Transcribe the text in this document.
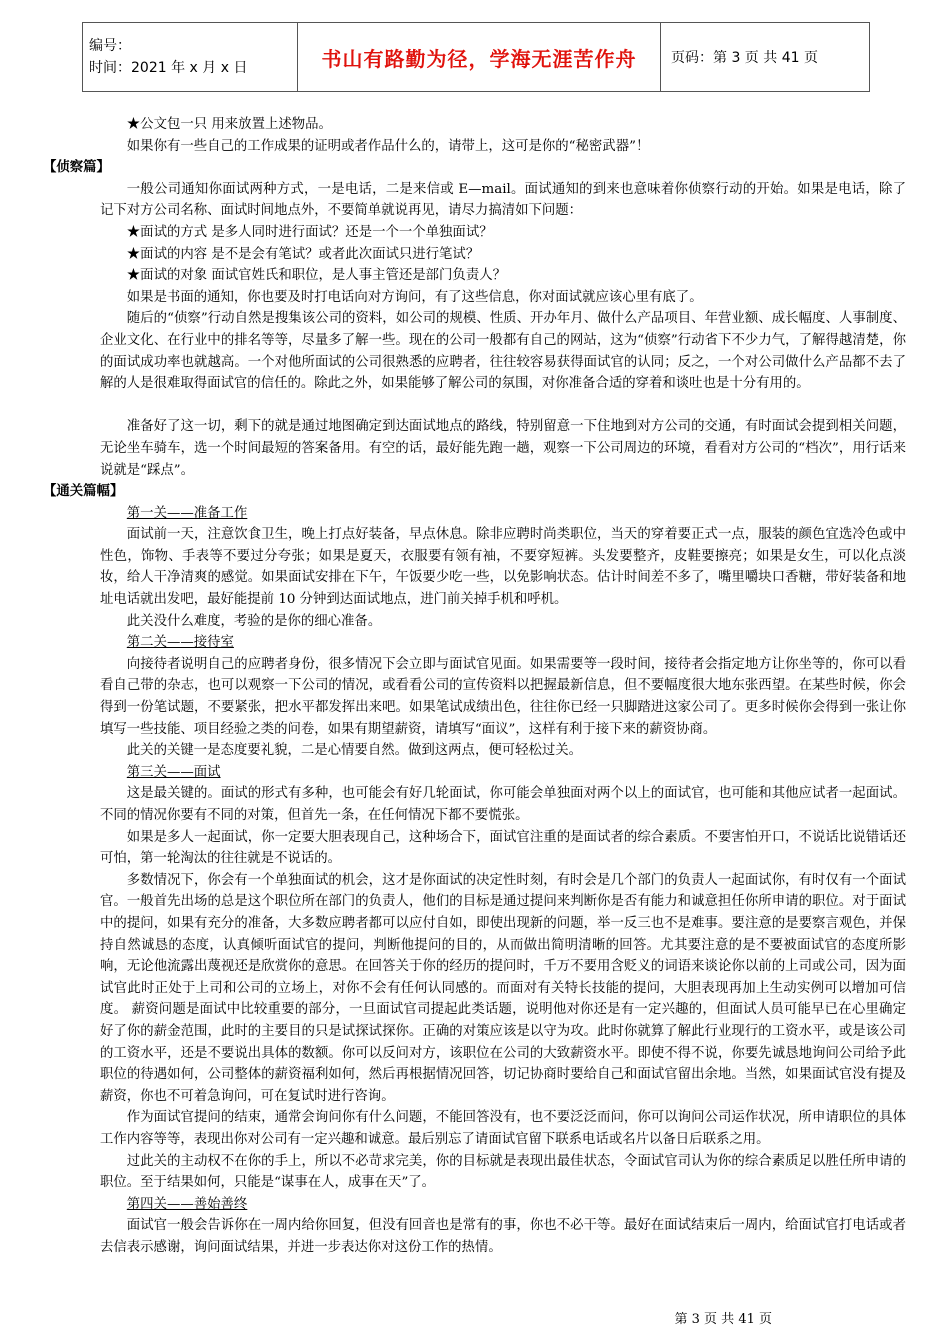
编号：
时间：2021 年 x 月 x 日	书山有路勤为径，学海无涯苦作舟	页码：第 3 页 共 41 页

★公文包一只 用来放置上述物品。

如果你有一些自己的工作成果的证明或者作品什么的，请带上，这可是你的“秘密武器”！

【侦察篇】

一般公司通知你面试两种方式，一是电话，二是来信或 E—mail。面试通知的到来也意味着你侦察行动的开始。如果是电话，除了记下对方公司名称、面试时间地点外，不要简单就说再见，请尽力搞清如下问题：

★面试的方式 是多人同时进行面试？还是一个一个单独面试？

★面试的内容 是不是会有笔试？或者此次面试只进行笔试？

★面试的对象 面试官姓氏和职位，是人事主管还是部门负责人？

如果是书面的通知，你也要及时打电话向对方询问，有了这些信息，你对面试就应该心里有底了。

随后的“侦察”行动自然是搜集该公司的资料，如公司的规模、性质、开办年月、做什么产品项目、年营业额、成长幅度、人事制度、企业文化、在行业中的排名等等，尽量多了解一些。现在的公司一般都有自己的网站，这为“侦察”行动省下不少力气，了解得越清楚，你的面试成功率也就越高。一个对他所面试的公司很熟悉的应聘者，往往较容易获得面试官的认同；反之，一个对公司做什么产品都不去了解的人是很难取得面试官的信任的。除此之外，如果能够了解公司的氛围，对你准备合适的穿着和谈吐也是十分有用的。

准备好了这一切，剩下的就是通过地图确定到达面试地点的路线，特别留意一下住地到对方公司的交通，有时面试会提到相关问题，无论坐车骑车，选一个时间最短的答案备用。有空的话，最好能先跑一趟，观察一下公司周边的环境，看看对方公司的“档次”，用行话来说就是“踩点”。

【通关篇幅】

第一关——准备工作

面试前一天，注意饮食卫生，晚上打点好装备，早点休息。除非应聘时尚类职位，当天的穿着要正式一点，服装的颜色宜选冷色或中性色，饰物、手表等不要过分夸张；如果是夏天，衣服要有领有袖，不要穿短裤。头发要整齐，皮鞋要擦亮；如果是女生，可以化点淡妆，给人干净清爽的感觉。如果面试安排在下午，午饭要少吃一些，以免影响状态。估计时间差不多了，嘴里嚼块口香糖，带好装备和地址电话就出发吧，最好能提前 10 分钟到达面试地点，进门前关掉手机和呼机。

此关没什么难度，考验的是你的细心准备。

第二关——接待室

向接待者说明自己的应聘者身份，很多情况下会立即与面试官见面。如果需要等一段时间，接待者会指定地方让你坐等的，你可以看看自己带的杂志，也可以观察一下公司的情况，或看看公司的宣传资料以把握最新信息，但不要幅度很大地东张西望。在某些时候，你会得到一份笔试题，不要紧张，把水平都发挥出来吧。如果笔试成绩出色，往往你已经一只脚踏进这家公司了。更多时候你会得到一张让你填写一些技能、项目经验之类的问卷，如果有期望薪资，请填写“面议”，这样有利于接下来的薪资协商。

此关的关键一是态度要礼貌，二是心情要自然。做到这两点，便可轻松过关。

第三关——面试

这是最关键的。面试的形式有多种，也可能会有好几轮面试，你可能会单独面对两个以上的面试官，也可能和其他应试者一起面试。不同的情况你要有不同的对策，但首先一条，在任何情况下都不要慌张。

如果是多人一起面试，你一定要大胆表现自己，这种场合下，面试官注重的是面试者的综合素质。不要害怕开口，不说话比说错话还可怕，第一轮淘汰的往往就是不说话的。

多数情况下，你会有一个单独面试的机会，这才是你面试的决定性时刻，有时会是几个部门的负责人一起面试你，有时仅有一个面试官。一般首先出场的总是这个职位所在部门的负责人，他们的目标是通过提问来判断你是否有能力和诚意担任你所申请的职位。对于面试中的提问，如果有充分的准备，大多数应聘者都可以应付自如，即使出现新的问题，举一反三也不是难事。要注意的是要察言观色，并保持自然诚恳的态度，认真倾听面试官的提问，判断他提问的目的，从而做出简明清晰的回答。尤其要注意的是不要被面试官的态度所影响，无论他流露出蔑视还是欣赏你的意思。在回答关于你的经历的提问时，千万不要用含贬义的词语来谈论你以前的上司或公司，因为面试官此时正处于上司和公司的立场上，对你不会有任何认同感的。而面对有关特长技能的提问，大胆表现再加上生动实例可以增加可信度。 薪资问题是面试中比较重要的部分，一旦面试官司提起此类话题，说明他对你还是有一定兴趣的，但面试人员可能早已在心里确定好了你的薪金范围，此时的主要目的只是试探试探你。正确的对策应该是以守为攻。此时你就算了解此行业现行的工资水平，或是该公司的工资水平，还是不要说出具体的数额。你可以反问对方，该职位在公司的大致薪资水平。即使不得不说，你要先诚恳地询问公司给予此职位的待遇如何，公司整体的薪资福利如何，然后再根据情况回答，切记协商时要给自己和面试官留出余地。当然，如果面试官没有提及薪资，你也不可着急询问，可在复试时进行咨询。

作为面试官提问的结束，通常会询问你有什么问题，不能回答没有，也不要泛泛而问，你可以询问公司运作状况，所申请职位的具体工作内容等等，表现出你对公司有一定兴趣和诚意。最后别忘了请面试官留下联系电话或名片以备日后联系之用。

过此关的主动权不在你的手上，所以不必苛求完美，你的目标就是表现出最佳状态，令面试官司认为你的综合素质足以胜任所申请的职位。至于结果如何，只能是“谋事在人，成事在天”了。

第四关——善始善终

面试官一般会告诉你在一周内给你回复，但没有回音也是常有的事，你也不必干等。最好在面试结束后一周内，给面试官打电话或者去信表示感谢，询问面试结果，并进一步表达你对这份工作的热情。

第 3 页 共 41 页
